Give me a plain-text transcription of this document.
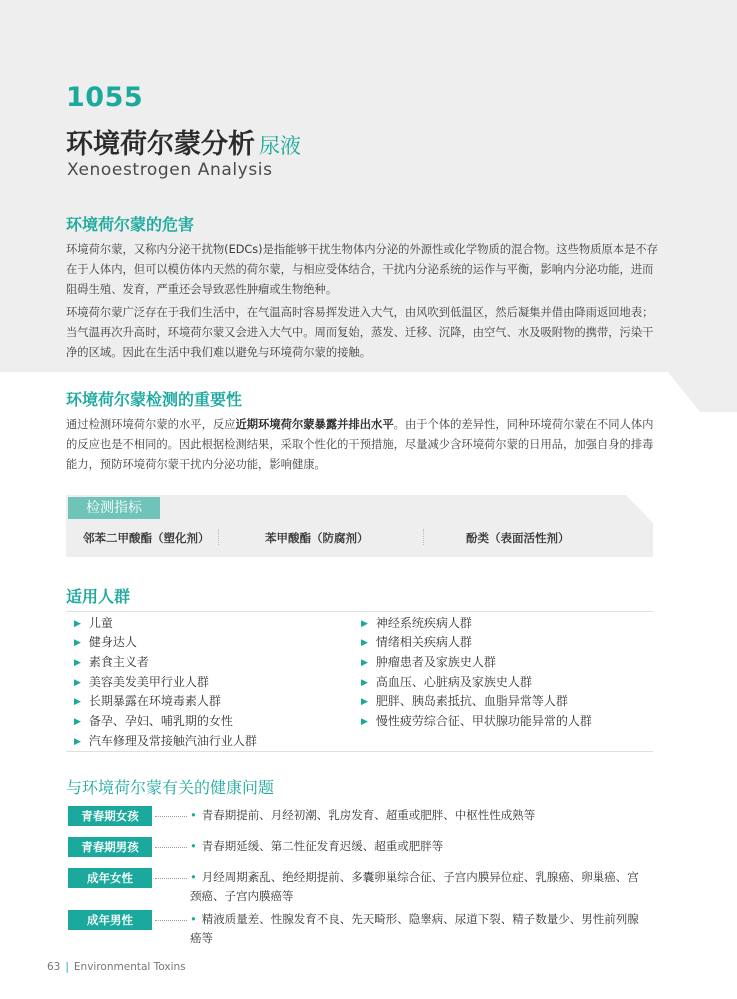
1055
环境荷尔蒙分析 尿液
Xenoestrogen Analysis
环境荷尔蒙的危害
环境荷尔蒙，又称内分泌干扰物(EDCs)是指能够干扰生物体内分泌的外源性或化学物质的混合物。这些物质原本是不存在于人体内，但可以模仿体内天然的荷尔蒙，与相应受体结合，干扰内分泌系统的运作与平衡，影响内分泌功能，进而阻碍生殖、发育，严重还会导致恶性肿瘤或生物绝种。
环境荷尔蒙广泛存在于我们生活中，在气温高时容易挥发进入大气，由风吹到低温区，然后凝集并借由降雨返回地表；当气温再次升高时，环境荷尔蒙又会进入大气中。周而复始，蒸发、迁移、沉降，由空气、水及吸附物的携带，污染干净的区域。因此在生活中我们难以避免与环境荷尔蒙的接触。
环境荷尔蒙检测的重要性
通过检测环境荷尔蒙的水平，反应近期环境荷尔蒙暴露并排出水平。由于个体的差异性，同种环境荷尔蒙在不同人体内的反应也是不相同的。因此根据检测结果，采取个性化的干预措施，尽量减少含环境荷尔蒙的日用品，加强自身的排毒能力，预防环境荷尔蒙干扰内分泌功能，影响健康。
检测指标
邻苯二甲酸酯（塑化剂）	苯甲酸酯（防腐剂）	酚类（表面活性剂）
适用人群
▶ 儿童
▶ 健身达人
▶ 素食主义者
▶ 美容美发美甲行业人群
▶ 长期暴露在环境毒素人群
▶ 备孕、孕妇、哺乳期的女性
▶ 汽车修理及常接触汽油行业人群
▶ 神经系统疾病人群
▶ 情绪相关疾病人群
▶ 肿瘤患者及家族史人群
▶ 高血压、心脏病及家族史人群
▶ 肥胖、胰岛素抵抗、血脂异常等人群
▶ 慢性疲劳综合征、甲状腺功能异常的人群
与环境荷尔蒙有关的健康问题
青春期女孩	• 青春期提前、月经初潮、乳房发育、超重或肥胖、中枢性性成熟等
青春期男孩	• 青春期延缓、第二性征发育迟缓、超重或肥胖等
成年女性	• 月经周期紊乱、绝经期提前、多囊卵巢综合征、子宫内膜异位症、乳腺癌、卵巢癌、宫颈癌、子宫内膜癌等
成年男性	• 精液质量差、性腺发育不良、先天畸形、隐睾病、尿道下裂、精子数量少、男性前列腺癌等
63 | Environmental Toxins
